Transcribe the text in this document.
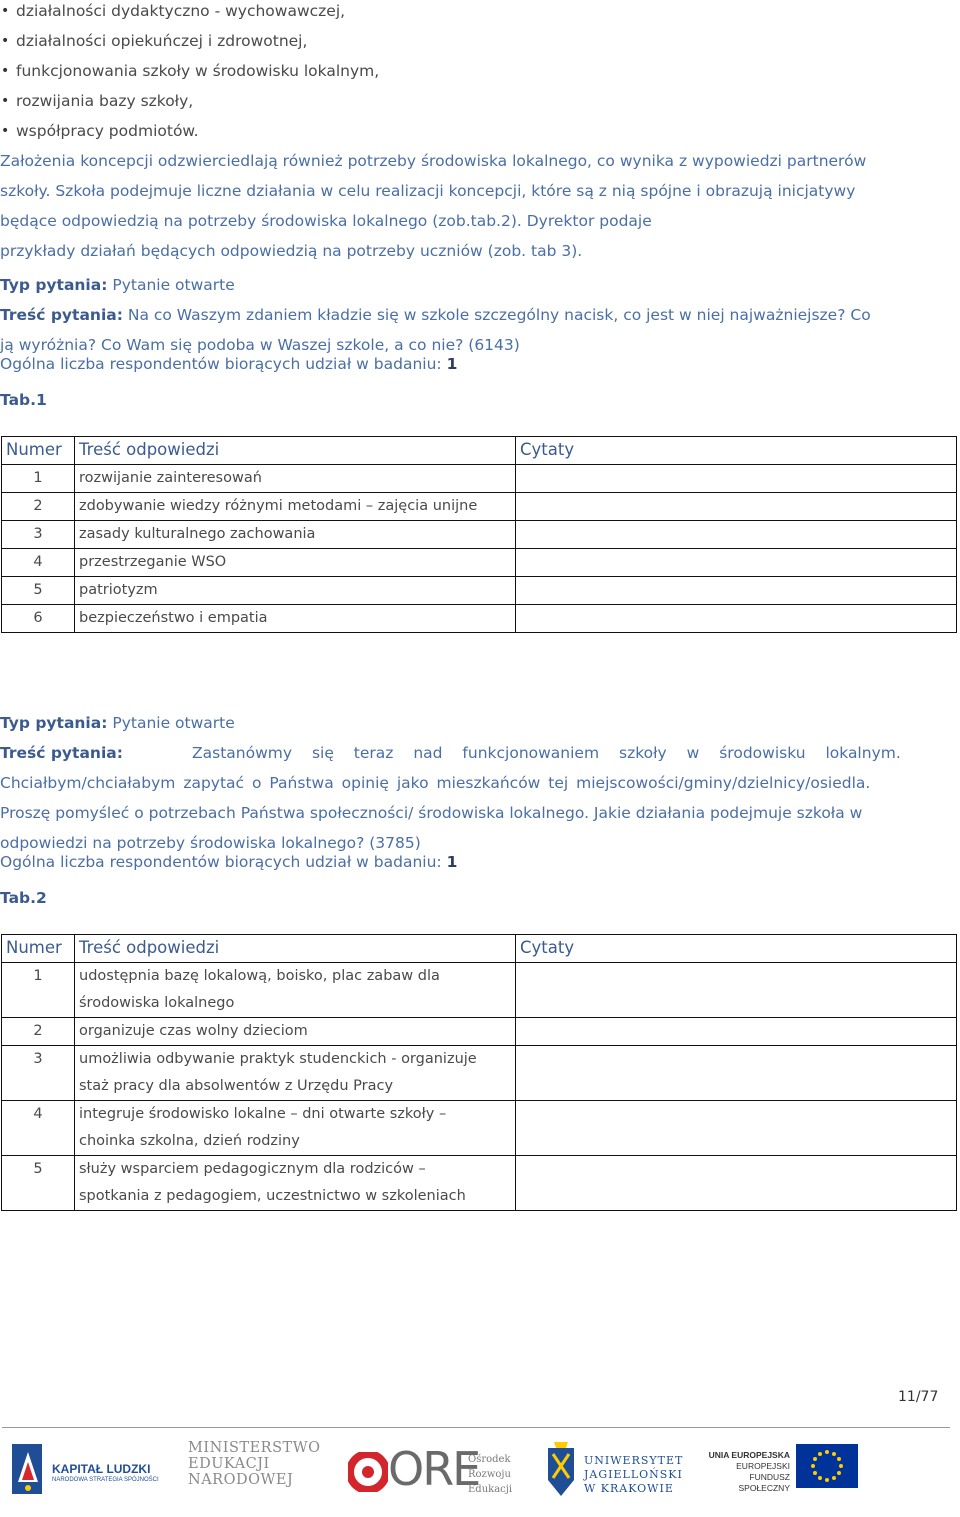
• działalności dydaktyczno - wychowawczej,
• działalności opiekuńczej i zdrowotnej,
• funkcjonowania szkoły w środowisku lokalnym,
• rozwijania bazy szkoły,
• współpracy podmiotów.
Założenia koncepcji odzwierciedlają również potrzeby środowiska lokalnego, co wynika z wypowiedzi partnerów
szkoły. Szkoła podejmuje liczne działania w celu realizacji koncepcji, które są z nią spójne i obrazują inicjatywy
będące odpowiedzią na potrzeby środowiska lokalnego (zob.tab.2). Dyrektor podaje
przykłady działań będących odpowiedzią na potrzeby uczniów (zob. tab 3).
Typ pytania: Pytanie otwarte
Treść pytania: Na co Waszym zdaniem kładzie się w szkole szczególny nacisk, co jest w niej najważniejsze? Co
ją wyróżnia? Co Wam się podoba w Waszej szkole, a co nie? (6143)
Ogólna liczba respondentów biorących udział w badaniu: 1
Tab.1
Numer	Treść odpowiedzi	Cytaty
1	rozwijanie zainteresowań	
2	zdobywanie wiedzy różnymi metodami – zajęcia unijne	
3	zasady kulturalnego zachowania	
4	przestrzeganie WSO	
5	patriotyzm	
6	bezpieczeństwo i empatia	
Typ pytania: Pytanie otwarte
Treść pytania:	Zastanówmy się teraz nad funkcjonowaniem szkoły w środowisku lokalnym.
Chciałbym/chciałabym zapytać o Państwa opinię jako mieszkańców tej miejscowości/gminy/dzielnicy/osiedla.
Proszę pomyśleć o potrzebach Państwa społeczności/ środowiska lokalnego. Jakie działania podejmuje szkoła w
odpowiedzi na potrzeby środowiska lokalnego? (3785)
Ogólna liczba respondentów biorących udział w badaniu: 1
Tab.2
Numer	Treść odpowiedzi	Cytaty
1	udostępnia bazę lokalową, boisko, plac zabaw dla
środowiska lokalnego	

2	organizuje czas wolny dzieciom	

3	umożliwia odbywanie praktyk studenckich - organizuje
staż pracy dla absolwentów z Urzędu Pracy	

4	integruje środowisko lokalne – dni otwarte szkoły –
choinka szkolna, dzień rodziny	

5	służy wsparciem pedagogicznym dla rodziców –
spotkania z pedagogiem, uczestnictwo w szkoleniach	

11/77
KAPITAŁ LUDZKI
NARODOWA STRATEGIA SPÓJNOŚCI
MINISTERSTWO
EDUKACJI
NARODOWEJ	ORE
Ośrodek
Rozwoju
Edukacji
UNIWERSYTET
JAGIELLOŃSKI
W KRAKOWIE
UNIA EUROPEJSKA
EUROPEJSKI
FUNDUSZ SPOŁECZNY
